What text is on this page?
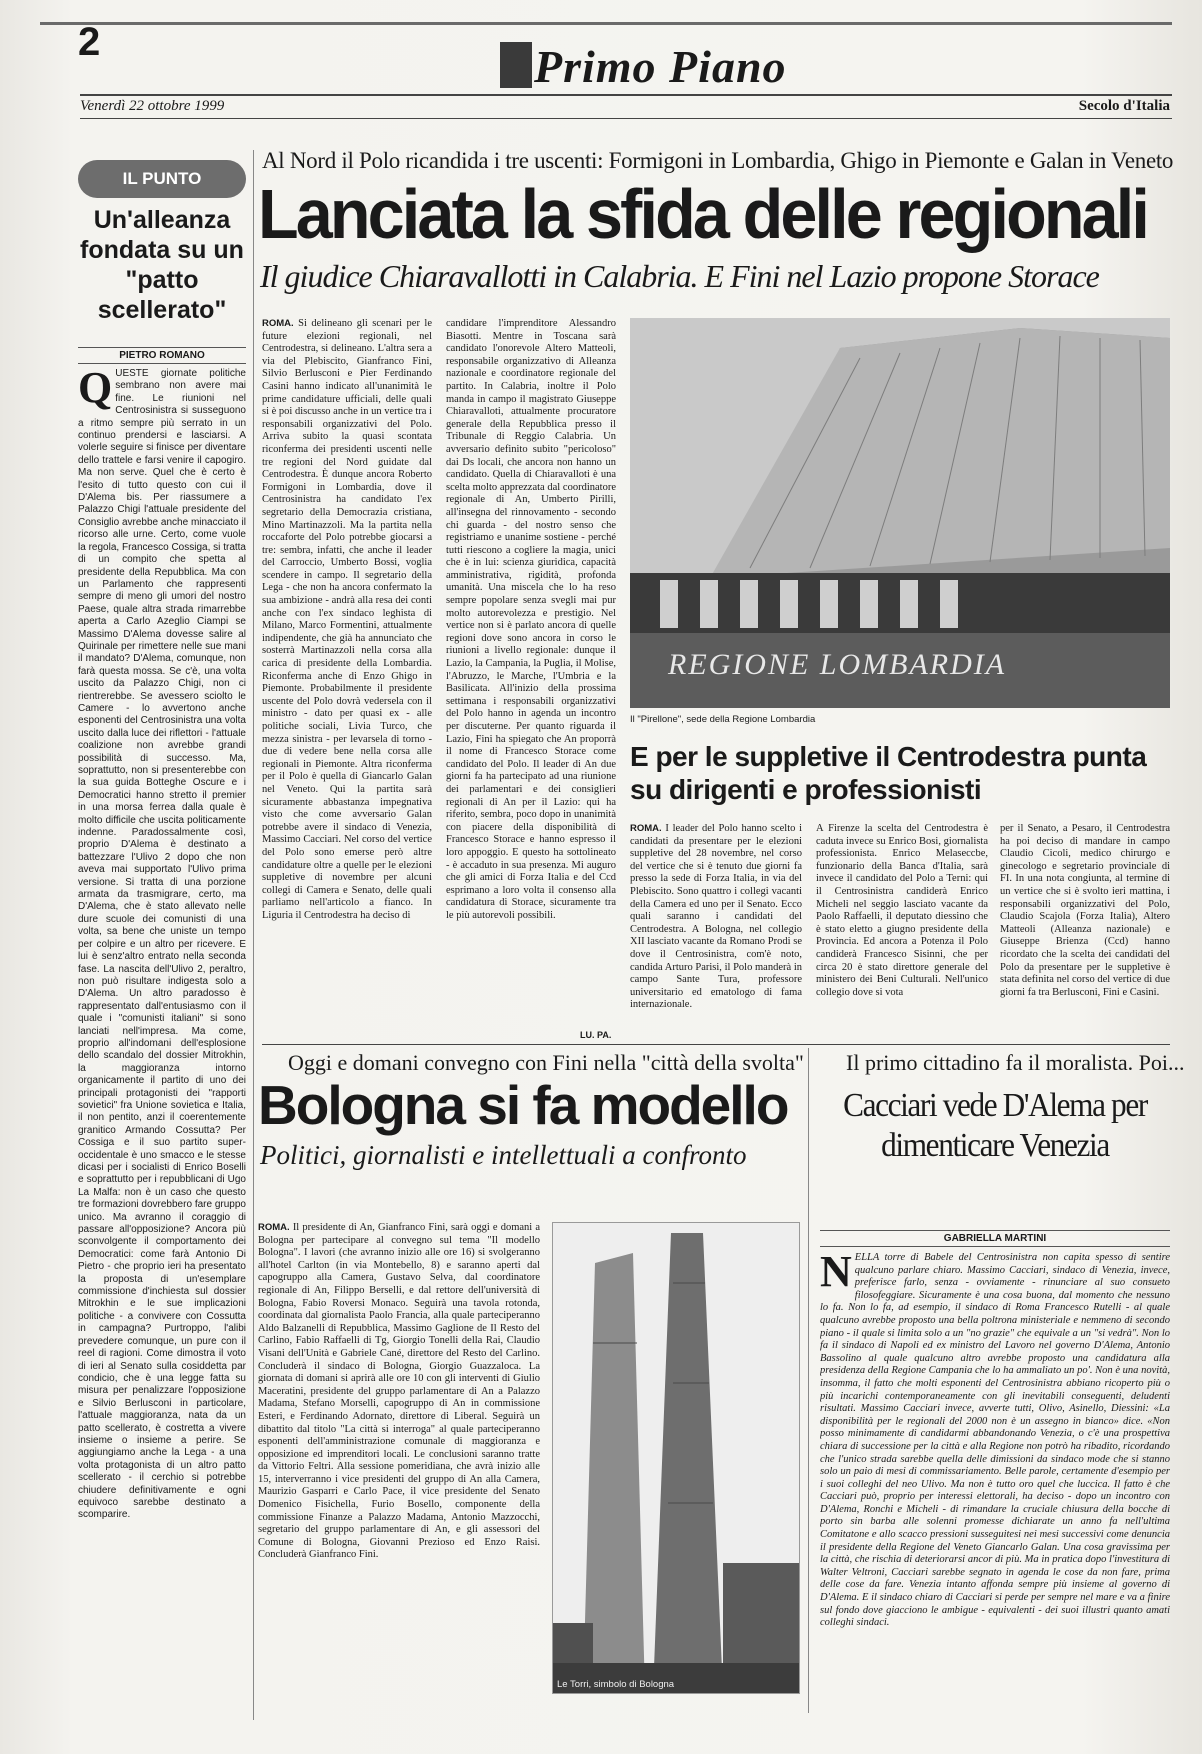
2	Primo Piano
Venerdì 22 ottobre 1999	Secolo d'Italia
IL PUNTO
Un'alleanza fondata su un "patto scellerato"
PIETRO ROMANO
QUESTE giornate politiche sembrano non avere mai fine. Le riunioni nel Centrosinistra si susseguono a ritmo sempre più serrato in un continuo prendersi e lasciarsi. A volerle seguire si finisce per diventare dello trattele e farsi venire il capogiro. Ma non serve. Quel che è certo è l'esito di tutto questo con cui il D'Alema bis. Per riassumere a Palazzo Chigi l'attuale presidente del Consiglio avrebbe anche minacciato il ricorso alle urne. Certo, come vuole la regola, Francesco Cossiga, si tratta di un compito che spetta al presidente della Repubblica. Ma con un Parlamento che rappresenti sempre di meno gli umori del nostro Paese, quale altra strada rimarrebbe aperta a Carlo Azeglio Ciampi se Massimo D'Alema dovesse salire al Quirinale per rimettere nelle sue mani il mandato? D'Alema, comunque, non farà questa mossa. Se c'è, una volta uscito da Palazzo Chigi, non ci rientrerebbe. Se avessero sciolto le Camere - lo avvertono anche esponenti del Centrosinistra una volta uscito dalla luce dei riflettori - l'attuale coalizione non avrebbe grandi possibilità di successo. Ma, soprattutto, non si presenterebbe con la sua guida Botteghe Oscure e i Democratici hanno stretto il premier in una morsa ferrea dalla quale è molto difficile che uscita politicamente indenne. Paradossalmente così, proprio D'Alema è destinato a battezzare l'Ulivo 2 dopo che non aveva mai supportato l'Ulivo prima versione. Si tratta di una porzione armata da trasmigrare, certo, ma D'Alema, che è stato allevato nelle dure scuole dei comunisti di una volta, sa bene che uniste un tempo per colpire e un altro per ricevere. E lui è senz'altro entrato nella seconda fase. La nascita dell'Ulivo 2, peraltro, non può risultare indigesta solo a D'Alema. Un altro paradosso è rappresentato dall'entusiasmo con il quale i "comunisti italiani" si sono lanciati nell'impresa. Ma come, proprio all'indomani dell'esplosione dello scandalo del dossier Mitrokhin, la maggioranza intorno organicamente il partito di uno dei principali protagonisti dei "rapporti sovietici" fra Unione sovietica e Italia, il non pentito, anzi il coerentemente granitico Armando Cossutta? Per Cossiga e il suo partito super-occidentale è uno smacco e le stesse dicasi per i socialisti di Enrico Boselli e soprattutto per i repubblicani di Ugo La Malfa: non è un caso che questo tre formazioni dovrebbero fare gruppo unico. Ma avranno il coraggio di passare all'opposizione? Ancora più sconvolgente il comportamento dei Democratici: come farà Antonio Di Pietro - che proprio ieri ha presentato la proposta di un'esemplare commissione d'inchiesta sul dossier Mitrokhin e le sue implicazioni politiche - a convivere con Cossutta in campagna? Purtroppo, l'alibi prevedere comunque, un pure con il reel di ragioni. Come dimostra il voto di ieri al Senato sulla cosiddetta par condicio, che è una legge fatta su misura per penalizzare l'opposizione e Silvio Berlusconi in particolare, l'attuale maggioranza, nata da un patto scellerato, è costretta a vivere insieme o insieme a perire. Se aggiungiamo anche la Lega - a una volta protagonista di un altro patto scellerato - il cerchio si potrebbe chiudere definitivamente e ogni equivoco sarebbe destinato a scomparire.
Al Nord il Polo ricandida i tre uscenti: Formigoni in Lombardia, Ghigo in Piemonte e Galan in Veneto
Lanciata la sfida delle regionali
Il giudice Chiaravallotti in Calabria. E Fini nel Lazio propone Storace
ROMA. Si delineano gli scenari per le future elezioni regionali, nel Centrodestra, si delineano. L'altra sera a via del Plebiscito, Gianfranco Fini, Silvio Berlusconi e Pier Ferdinando Casini hanno indicato all'unanimità le prime candidature ufficiali, delle quali si è poi discusso anche in un vertice tra i responsabili organizzativi del Polo. Arriva subito la quasi scontata riconferma dei presidenti uscenti nelle tre regioni del Nord guidate dal Centrodestra. È dunque ancora Roberto Formigoni in Lombardia, dove il Centrosinistra ha candidato l'ex segretario della Democrazia cristiana, Mino Martinazzoli. Ma la partita nella roccaforte del Polo potrebbe giocarsi a tre: sembra, infatti, che anche il leader del Carroccio, Umberto Bossi, voglia scendere in campo. Il segretario della Lega - che non ha ancora confermato la sua ambizione - andrà alla resa dei conti anche con l'ex sindaco leghista di Milano, Marco Formentini, attualmente indipendente, che già ha annunciato che sosterrà Martinazzoli nella corsa alla carica di presidente della Lombardia. Riconferma anche di Enzo Ghigo in Piemonte. Probabilmente il presidente uscente del Polo dovrà vedersela con il ministro - dato per quasi ex - alle politiche sociali, Livia Turco, che mezza sinistra - per levarsela di torno - due di vedere bene nella corsa alle regionali in Piemonte. Altra riconferma per il Polo è quella di Giancarlo Galan nel Veneto. Qui la partita sarà sicuramente abbastanza impegnativa visto che come avversario Galan potrebbe avere il sindaco di Venezia, Massimo Cacciari. Nel corso del vertice del Polo sono emerse però altre candidature oltre a quelle per le elezioni suppletive di novembre per alcuni collegi di Camera e Senato, delle quali parliamo nell'articolo a fianco. In Liguria il Centrodestra ha deciso di
candidare l'imprenditore Alessandro Biasotti. Mentre in Toscana sarà candidato l'onorevole Altero Matteoli, responsabile organizzativo di Alleanza nazionale e coordinatore regionale del partito. In Calabria, inoltre il Polo manda in campo il magistrato Giuseppe Chiaravalloti, attualmente procuratore generale della Repubblica presso il Tribunale di Reggio Calabria. Un avversario definito subito "pericoloso" dai Ds locali, che ancora non hanno un candidato. Quella di Chiaravalloti è una scelta molto apprezzata dal coordinatore regionale di An, Umberto Pirilli, all'insegna del rinnovamento - secondo chi guarda - del nostro senso che registriamo e unanime sostiene - perché tutti riescono a cogliere la magia, unici che è in lui: scienza giuridica, capacità amministrativa, rigidità, profonda umanità. Una miscela che lo ha reso sempre popolare senza svegli mai pur molto autorevolezza e prestigio. Nel vertice non si è parlato ancora di quelle regioni dove sono ancora in corso le riunioni a livello regionale: dunque il Lazio, la Campania, la Puglia, il Molise, l'Abruzzo, le Marche, l'Umbria e la Basilicata. All'inizio della prossima settimana i responsabili organizzativi del Polo hanno in agenda un incontro per discuterne. Per quanto riguarda il Lazio, Fini ha spiegato che An proporrà il nome di Francesco Storace come candidato del Polo. Il leader di An due giorni fa ha partecipato ad una riunione dei parlamentari e dei consiglieri regionali di An per il Lazio: qui ha riferito, sembra, poco dopo in unanimità con piacere della disponibilità di Francesco Storace e hanno espresso il loro appoggio. E questo ha sottolineato - è accaduto in sua presenza. Mi auguro che gli amici di Forza Italia e del Ccd esprimano a loro volta il consenso alla candidatura di Storace, sicuramente tra le più autorevoli possibili.
LU. PA.
REGIONE LOMBARDIA
Il "Pirellone", sede della Regione Lombardia
E per le suppletive il Centrodestra punta su dirigenti e professionisti
ROMA. I leader del Polo hanno scelto i candidati da presentare per le elezioni suppletive del 28 novembre, nel corso del vertice che si è tenuto due giorni fa presso la sede di Forza Italia, in via del Plebiscito. Sono quattro i collegi vacanti della Camera ed uno per il Senato. Ecco quali saranno i candidati del Centrodestra. A Bologna, nel collegio XII lasciato vacante da Romano Prodi se dove il Centrosinistra, com'è noto, candida Arturo Parisi, il Polo manderà in campo Sante Tura, professore universitario ed ematologo di fama internazionale.
A Firenze la scelta del Centrodestra è caduta invece su Enrico Bosi, giornalista professionista. Enrico Melaseccbe, funzionario della Banca d'Italia, sarà invece il candidato del Polo a Terni: qui il Centrosinistra candiderà Enrico Micheli nel seggio lasciato vacante da Paolo Raffaelli, il deputato diessino che è stato eletto a giugno presidente della Provincia. Ed ancora a Potenza il Polo candiderà Francesco Sisinni, che per circa 20 è stato direttore generale del ministero dei Beni Culturali. Nell'unico collegio dove si vota
per il Senato, a Pesaro, il Centrodestra ha poi deciso di mandare in campo Claudio Cicoli, medico chirurgo e ginecologo e segretario provinciale di FI. In una nota congiunta, al termine di un vertice che si è svolto ieri mattina, i responsabili organizzativi del Polo, Claudio Scajola (Forza Italia), Altero Matteoli (Alleanza nazionale) e Giuseppe Brienza (Ccd) hanno ricordato che la scelta dei candidati del Polo da presentare per le suppletive è stata definita nel corso del vertice di due giorni fa tra Berlusconi, Fini e Casini.
Oggi e domani convegno con Fini nella "città della svolta"
Bologna si fa modello
Politici, giornalisti e intellettuali a confronto
ROMA. Il presidente di An, Gianfranco Fini, sarà oggi e domani a Bologna per partecipare al convegno sul tema "Il modello Bologna". I lavori (che avranno inizio alle ore 16) si svolgeranno all'hotel Carlton (in via Montebello, 8) e saranno aperti dal capogruppo alla Camera, Gustavo Selva, dal coordinatore regionale di An, Filippo Berselli, e dal rettore dell'università di Bologna, Fabio Roversi Monaco. Seguirà una tavola rotonda, coordinata dal giornalista Paolo Francia, alla quale parteciperanno Aldo Balzanelli di Repubblica, Massimo Gaglione de Il Resto del Carlino, Fabio Raffaelli di Tg, Giorgio Tonelli della Rai, Claudio Visani dell'Unità e Gabriele Cané, direttore del Resto del Carlino. Concluderà il sindaco di Bologna, Giorgio Guazzaloca. La giornata di domani si aprirà alle ore 10 con gli interventi di Giulio Maceratini, presidente del gruppo parlamentare di An a Palazzo Madama, Stefano Morselli, capogruppo di An in commissione Esteri, e Ferdinando Adornato, direttore di Liberal. Seguirà un dibattito dal titolo "La città si interroga" al quale parteciperanno esponenti dell'amministrazione comunale di maggioranza e opposizione ed imprenditori locali. Le conclusioni saranno tratte da Vittorio Feltri. Alla sessione pomeridiana, che avrà inizio alle 15, interverranno i vice presidenti del gruppo di An alla Camera, Maurizio Gasparri e Carlo Pace, il vice presidente del Senato Domenico Fisichella, Furio Bosello, componente della commissione Finanze a Palazzo Madama, Antonio Mazzocchi, segretario del gruppo parlamentare di An, e gli assessori del Comune di Bologna, Giovanni Prezioso ed Enzo Raisi. Concluderà Gianfranco Fini.
Le Torri, simbolo di Bologna
Il primo cittadino fa il moralista. Poi...
Cacciari vede D'Alema per dimenticare Venezia
GABRIELLA MARTINI
NELLA torre di Babele del Centrosinistra non capita spesso di sentire qualcuno parlare chiaro. Massimo Cacciari, sindaco di Venezia, invece, preferisce farlo, senza - ovviamente - rinunciare al suo consueto filosofeggiare. Sicuramente è una cosa buona, dal momento che nessuno lo fa. Non lo fa, ad esempio, il sindaco di Roma Francesco Rutelli - al quale qualcuno avrebbe proposto una bella poltrona ministeriale e nemmeno di secondo piano - il quale si limita solo a un "no grazie" che equivale a un "si vedrà". Non lo fa il sindaco di Napoli ed ex ministro del Lavoro nel governo D'Alema, Antonio Bassolino al quale qualcuno altro avrebbe proposto una candidatura alla presidenza della Regione Campania che lo ha ammaliato un po'. Non è una novità, insomma, il fatto che molti esponenti del Centrosinistra abbiano ricoperto più o più incarichi contemporaneamente con gli inevitabili conseguenti, deludenti risultati. Massimo Cacciari invece, avverte tutti, Olivo, Asinello, Diessini: «La disponibilità per le regionali del 2000 non è un assegno in bianco» dice. «Non posso minimamente di candidarmi abbandonando Venezia, o c'è una prospettiva chiara di successione per la città e alla Regione non potrò ha ribadito, ricordando che l'unico strada sarebbe quella delle dimissioni da sindaco mode che si stanno solo un paio di mesi di commissariamento. Belle parole, certamente d'esempio per i suoi colleghi del neo Ulivo. Ma non è tutto oro quel che luccica. Il fatto è che Cacciari può, proprio per interessi elettorali, ha deciso - dopo un incontro con D'Alema, Ronchi e Micheli - di rimandare la cruciale chiusura della bocche di porto sin barba alle solenni promesse dichiarate un anno fa nell'ultima Comitatone e allo scacco pressioni susseguitesi nei mesi successivi come denuncia il presidente della Regione del Veneto Giancarlo Galan. Una cosa gravissima per la città, che rischia di deteriorarsi ancor di più. Ma in pratica dopo l'investitura di Walter Veltroni, Cacciari sarebbe segnato in agenda le cose da non fare, prima delle cose da fare. Venezia intanto affonda sempre più insieme al governo di D'Alema. E il sindaco chiaro di Cacciari si perde per sempre nel mare e va a finire sul fondo dove giacciono le ambigue - equivalenti - dei suoi illustri quanto amati colleghi sindaci.
